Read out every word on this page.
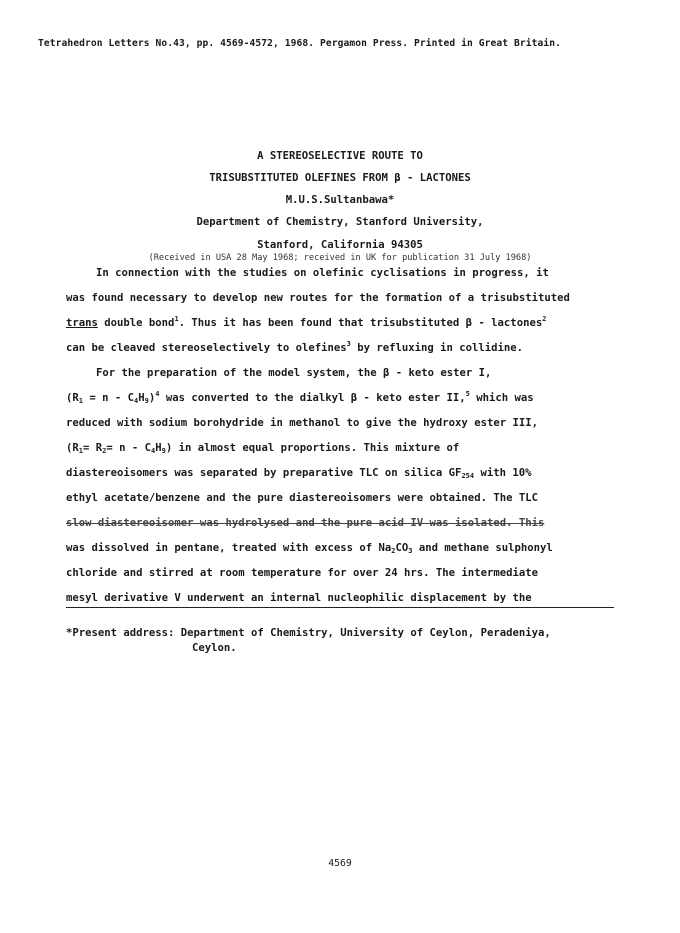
Tetrahedron Letters No.43, pp. 4569-4572, 1968. Pergamon Press. Printed in Great Britain.
A STEREOSELECTIVE ROUTE TO
TRISUBSTITUTED OLEFINES FROM β - LACTONES
M.U.S.Sultanbawa*
Department of Chemistry, Stanford University,
Stanford, California 94305
(Received in USA 28 May 1968; received in UK for publication 31 July 1968)
In connection with the studies on olefinic cyclisations in progress, it
was found necessary to develop new routes for the formation of a trisubstituted
trans double bond$^1$. Thus it has been found that trisubstituted β - lactones$^2$
can be cleaved stereoselectively to olefines$^3$ by refluxing in collidine.
For the preparation of the model system, the β - keto ester I,
$(R_1 = n - C_4H_9)^4$ was converted to the dialkyl β - keto ester II,$^5$ which was
reduced with sodium borohydride in methanol to give the hydroxy ester III,
$(R_1= R_2= n - C_4H_9)$ in almost equal proportions. This mixture of
diastereoisomers was separated by preparative TLC on silica $GF_{254}$ with 10%
ethyl acetate/benzene and the pure diastereoisomers were obtained. The TLC
slow diastereoisomer was hydrolysed and the pure acid IV was isolated. This
was dissolved in pentane, treated with excess of $Na_2CO_3$ and methane sulphonyl
chloride and stirred at room temperature for over 24 hrs. The intermediate
mesyl derivative V underwent an internal nucleophilic displacement by the
*Present address: Department of Chemistry, University of Ceylon, Peradeniya,
Ceylon.
4569
